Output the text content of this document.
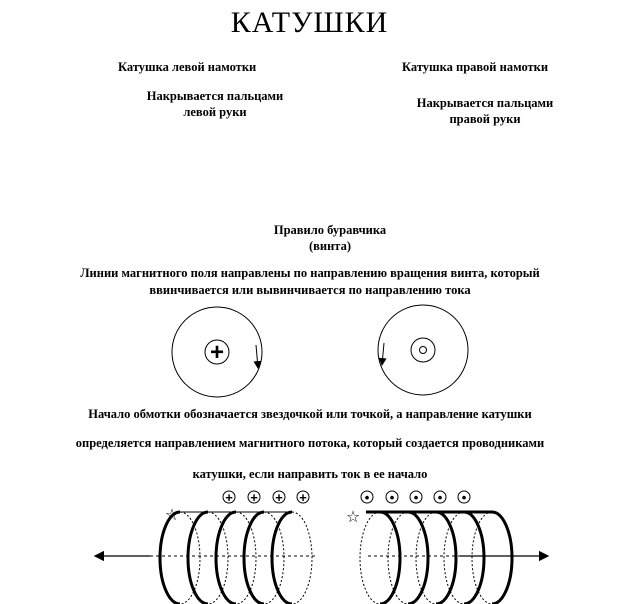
КАТУШКИ

Катушка левой намотки	Катушка правой намотки

Накрывается пальцами
левой руки
Накрывается пальцами
правой руки
Правило буравчика
(винта)
Линии магнитного поля направлены по направлению вращения винта, который
ввинчивается или вывинчивается по направлению тока

Начало обмотки обозначается звездочкой или точкой, а направление катушки

определяется направлением магнитного потока, который создается проводниками

катушки, если направить ток в ее начало

+
☆
+ + + +
☆
• • • • •
